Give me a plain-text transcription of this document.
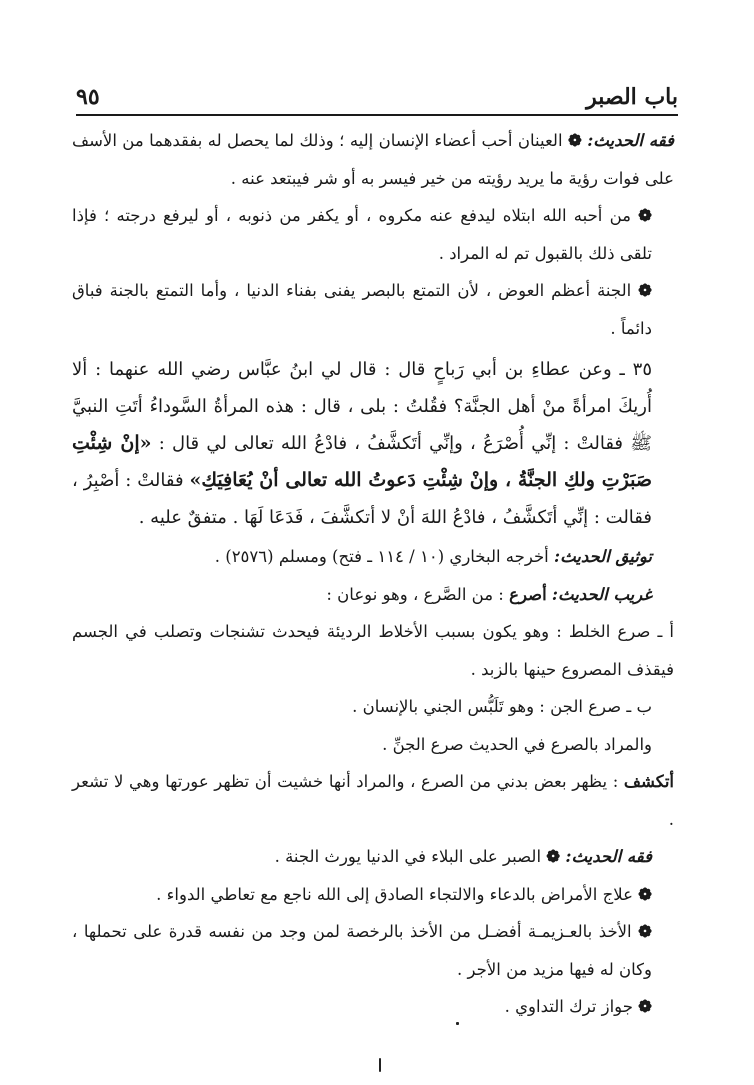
باب الصبر
٩٥

فقه الحديث: ❁ العينان أحب أعضاء الإنسان إليه ؛ وذلك لما يحصل له بفقدهما من الأسف على فوات رؤية ما يريد رؤيته من خير فيسر به أو شر فيبتعد عنه .

❁ من أحبه الله ابتلاه ليدفع عنه مكروه ، أو يكفر من ذنوبه ، أو ليرفع درجته ؛ فإذا تلقى ذلك بالقبول تم له المراد .

❁ الجنة أعظم العوض ، لأن التمتع بالبصر يفنى بفناء الدنيا ، وأما التمتع بالجنة فباق دائماً .

٣٥ ـ وعن عطاءِ بن أبي رَباحٍ قال : قال لي ابنُ عبَّاس رضي الله عنهما : ألا أُريكَ امرأةً منْ أهل الجنَّة؟ فقُلتُ : بلى ، قال : هذه المرأةُ السَّوداءُ أتَتِ النبيَّ ﷺ فقالتْ : إنِّي أُصْرَعُ ، وإنِّي أتَكشَّفُ ، فادْعُ الله تعالى لي قال : «إنْ شِئْتِ صَبَرْتِ ولكِ الجنَّةُ ، وإنْ شِئْتِ دَعوتُ الله تعالى أنْ يُعَافِيَكِ» فقالتْ : أصْبِرُ ، فقالت : إنِّي أتَكشَّفُ ، فادْعُ اللهَ أنْ لا أتكشَّفَ ، فَدَعَا لَهَا . متفقٌ عليه .

توثيق الحديث: أخرجه البخاري (١٠ / ١١٤ ـ فتح) ومسلم (٢٥٧٦) .

غريب الحديث: أصرع : من الصَّرع ، وهو نوعان :

أ ـ صرع الخلط : وهو يكون بسبب الأخلاط الرديئة فيحدث تشنجات وتصلب في الجسم فيقذف المصروع حينها بالزبد .

ب ـ صرع الجن : وهو تَلَبُّس الجني بالإنسان .

والمراد بالصرع في الحديث صرع الجنِّ .

أتكشف : يظهر بعض بدني من الصرع ، والمراد أنها خشيت أن تظهر عورتها وهي لا تشعر .

فقه الحديث: ❁ الصبر على البلاء في الدنيا يورث الجنة .

❁ علاج الأمراض بالدعاء والالتجاء الصادق إلى الله ناجع مع تعاطي الدواء .

❁ الأخذ بالعـزيمـة أفضـل من الأخذ بالرخصة لمن وجد من نفسه قدرة على تحملها ، وكان له فيها مزيد من الأجر .

❁ جواز ترك التداوي .
